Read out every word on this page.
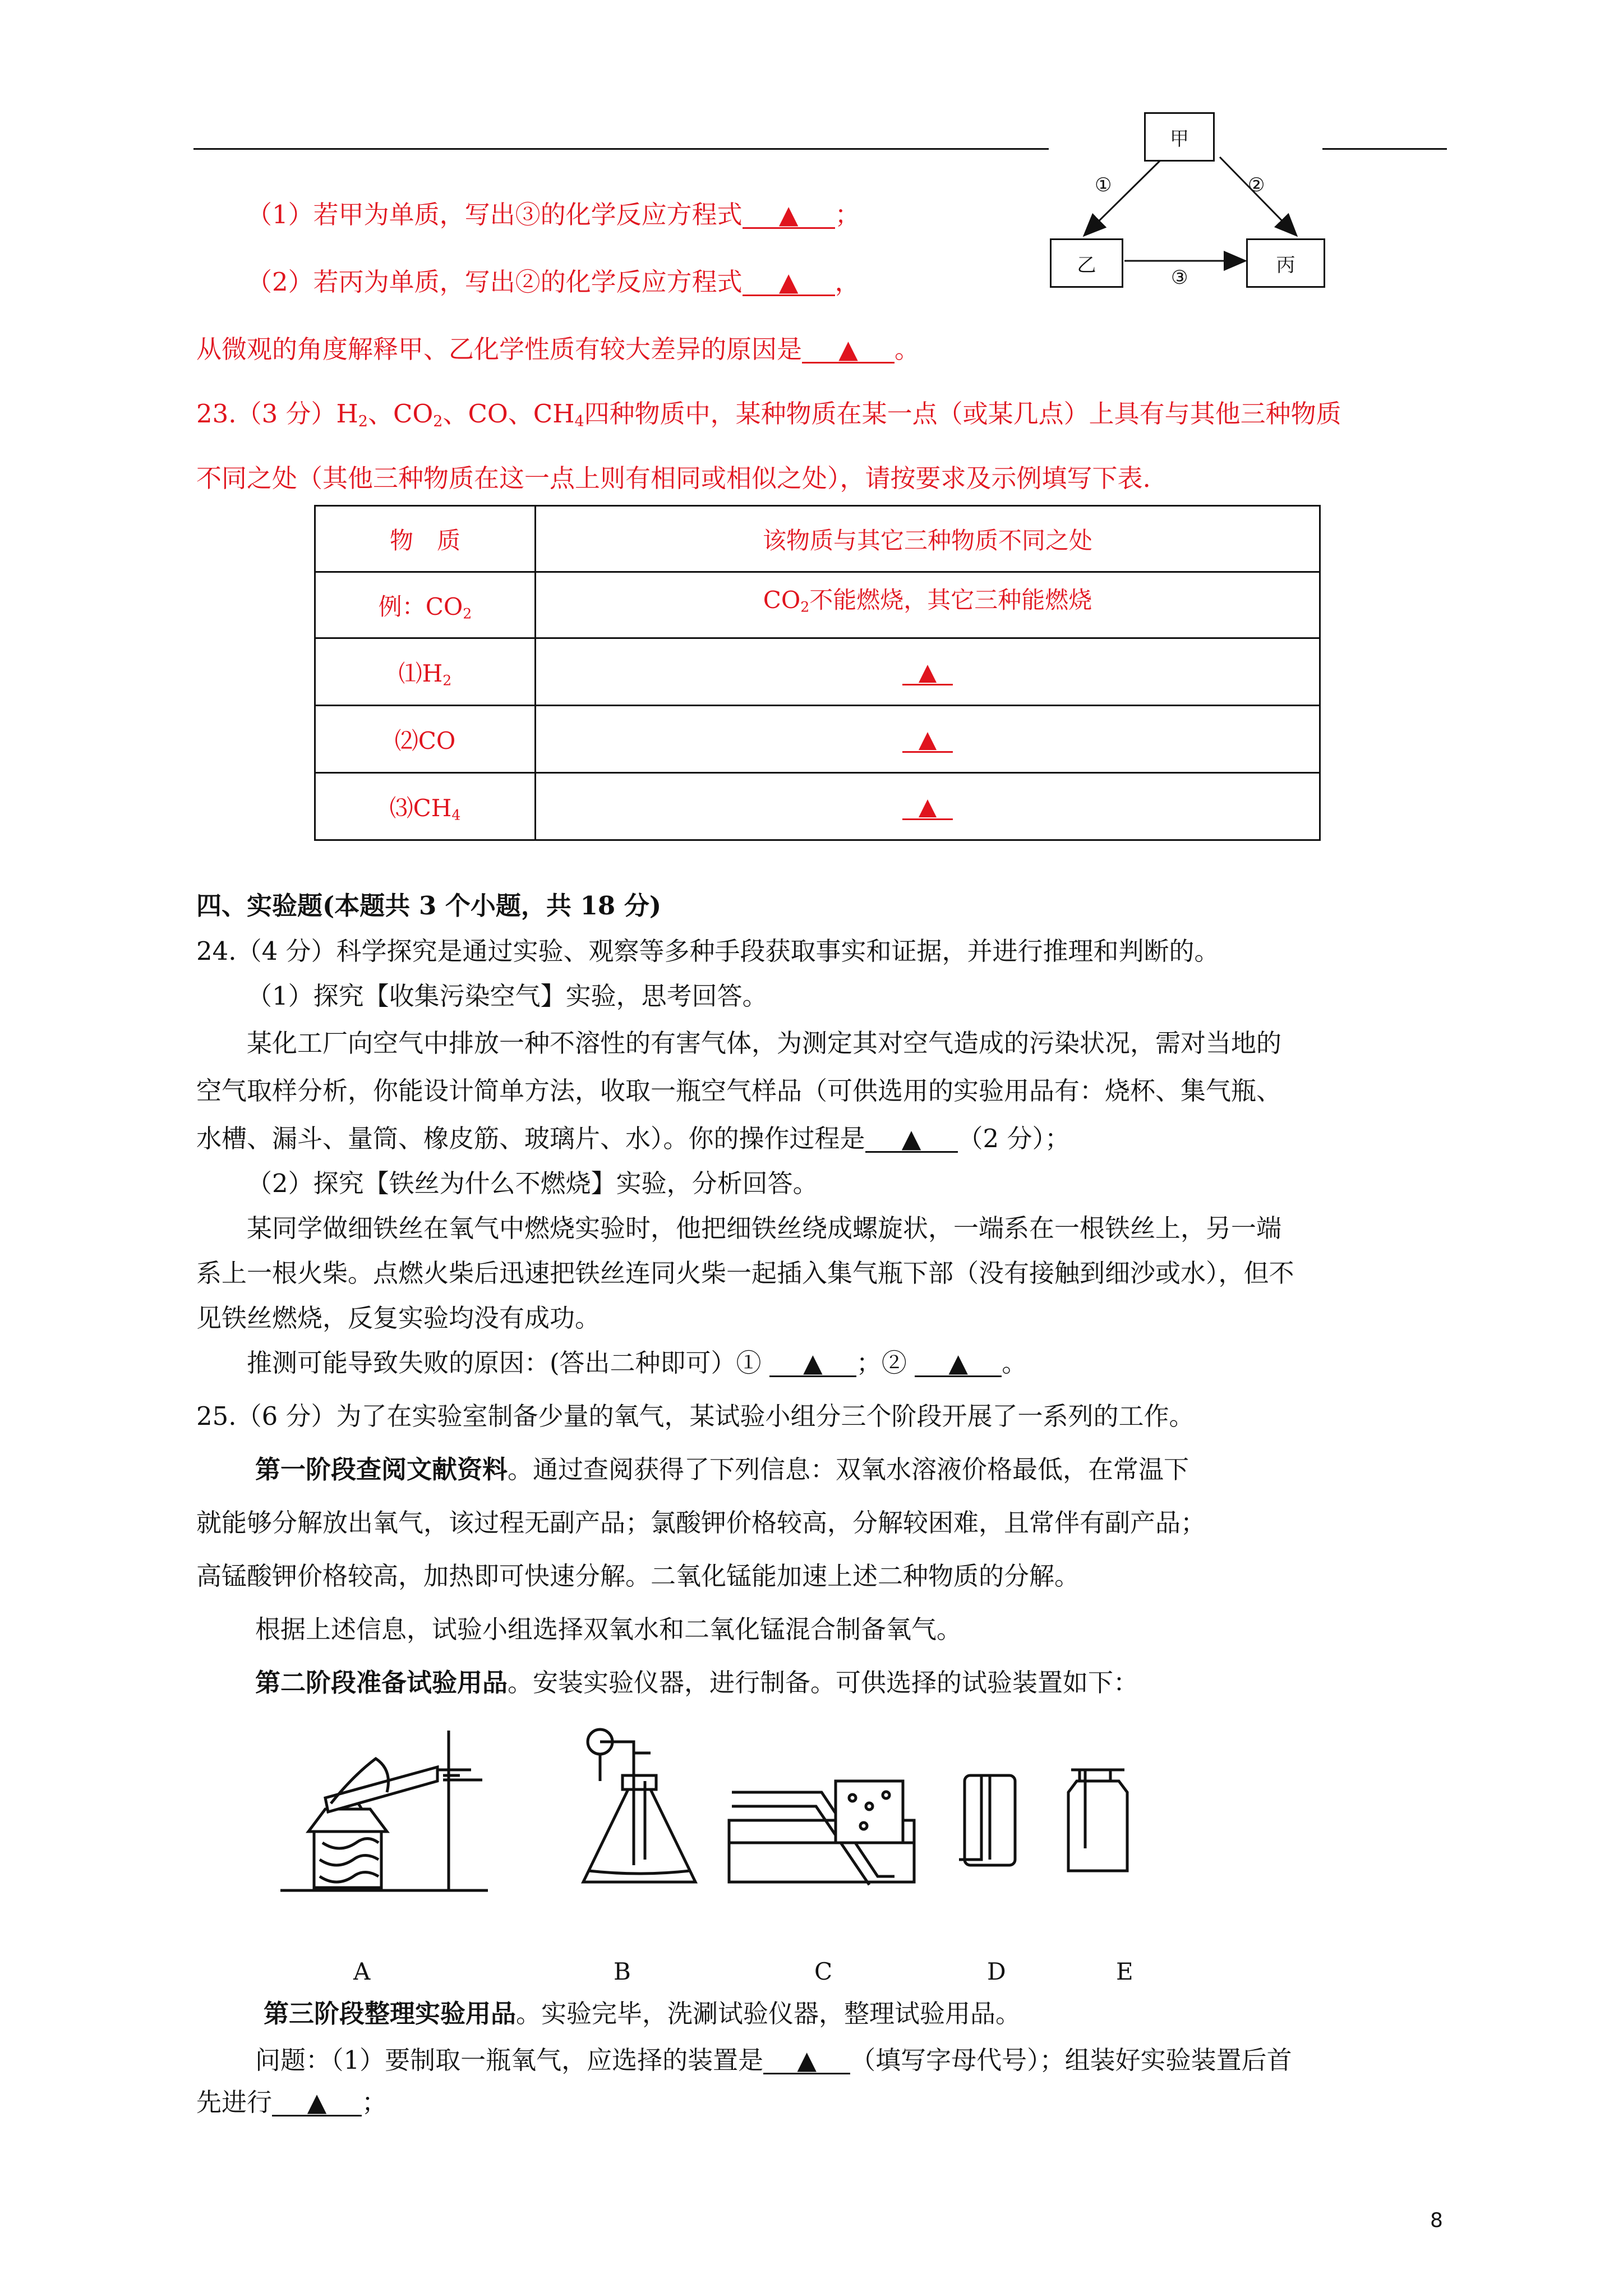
甲
乙	丙
①	②
③
（1）若甲为单质，写出③的化学反应方程式 ▲ ；
（2）若丙为单质，写出②的化学反应方程式 ▲ ，
从微观的角度解释甲、乙化学性质有较大差异的原因是 ▲ 。
23.（3 分）$H_2$、$CO_2$、CO、$CH_4$四种物质中，某种物质在某一点（或某几点）上具有与其他三种物质
不同之处（其他三种物质在这一点上则有相同或相似之处），请按要求及示例填写下表.
物　质	该物质与其它三种物质不同之处
例：$CO_2$	$CO_2$不能燃烧，其它三种能燃烧
$⑴H_2$	▲
⑵CO	▲
$⑶CH_4$	▲
四、实验题(本题共 3 个小题，共 18 分)
24.（4 分）科学探究是通过实验、观察等多种手段获取事实和证据，并进行推理和判断的。
（1）探究【收集污染空气】实验，思考回答。
某化工厂向空气中排放一种不溶性的有害气体，为测定其对空气造成的污染状况，需对当地的
空气取样分析，你能设计简单方法，收取一瓶空气样品（可供选用的实验用品有：烧杯、集气瓶、
水槽、漏斗、量筒、橡皮筋、玻璃片、水）。你的操作过程是 ▲ （2 分）；
（2）探究【铁丝为什么不燃烧】实验，分析回答。
某同学做细铁丝在氧气中燃烧实验时，他把细铁丝绕成螺旋状，一端系在一根铁丝上，另一端
系上一根火柴。点燃火柴后迅速把铁丝连同火柴一起插入集气瓶下部（没有接触到细沙或水），但不
见铁丝燃烧，反复实验均没有成功。
推测可能导致失败的原因：(答出二种即可）① ▲ ；② ▲ 。
25.（6 分）为了在实验室制备少量的氧气，某试验小组分三个阶段开展了一系列的工作。
第一阶段查阅文献资料。通过查阅获得了下列信息：双氧水溶液价格最低，在常温下
就能够分解放出氧气，该过程无副产品；氯酸钾价格较高，分解较困难，且常伴有副产品；
高锰酸钾价格较高，加热即可快速分解。二氧化锰能加速上述二种物质的分解。
根据上述信息，试验小组选择双氧水和二氧化锰混合制备氧气。
第二阶段准备试验用品。安装实验仪器，进行制备。可供选择的试验装置如下：
A	B	C	D	E
第三阶段整理实验用品。实验完毕，洗涮试验仪器，整理试验用品。
问题：（1）要制取一瓶氧气，应选择的装置是 ▲ （填写字母代号）；组装好实验装置后首
先进行 ▲ ；
8
